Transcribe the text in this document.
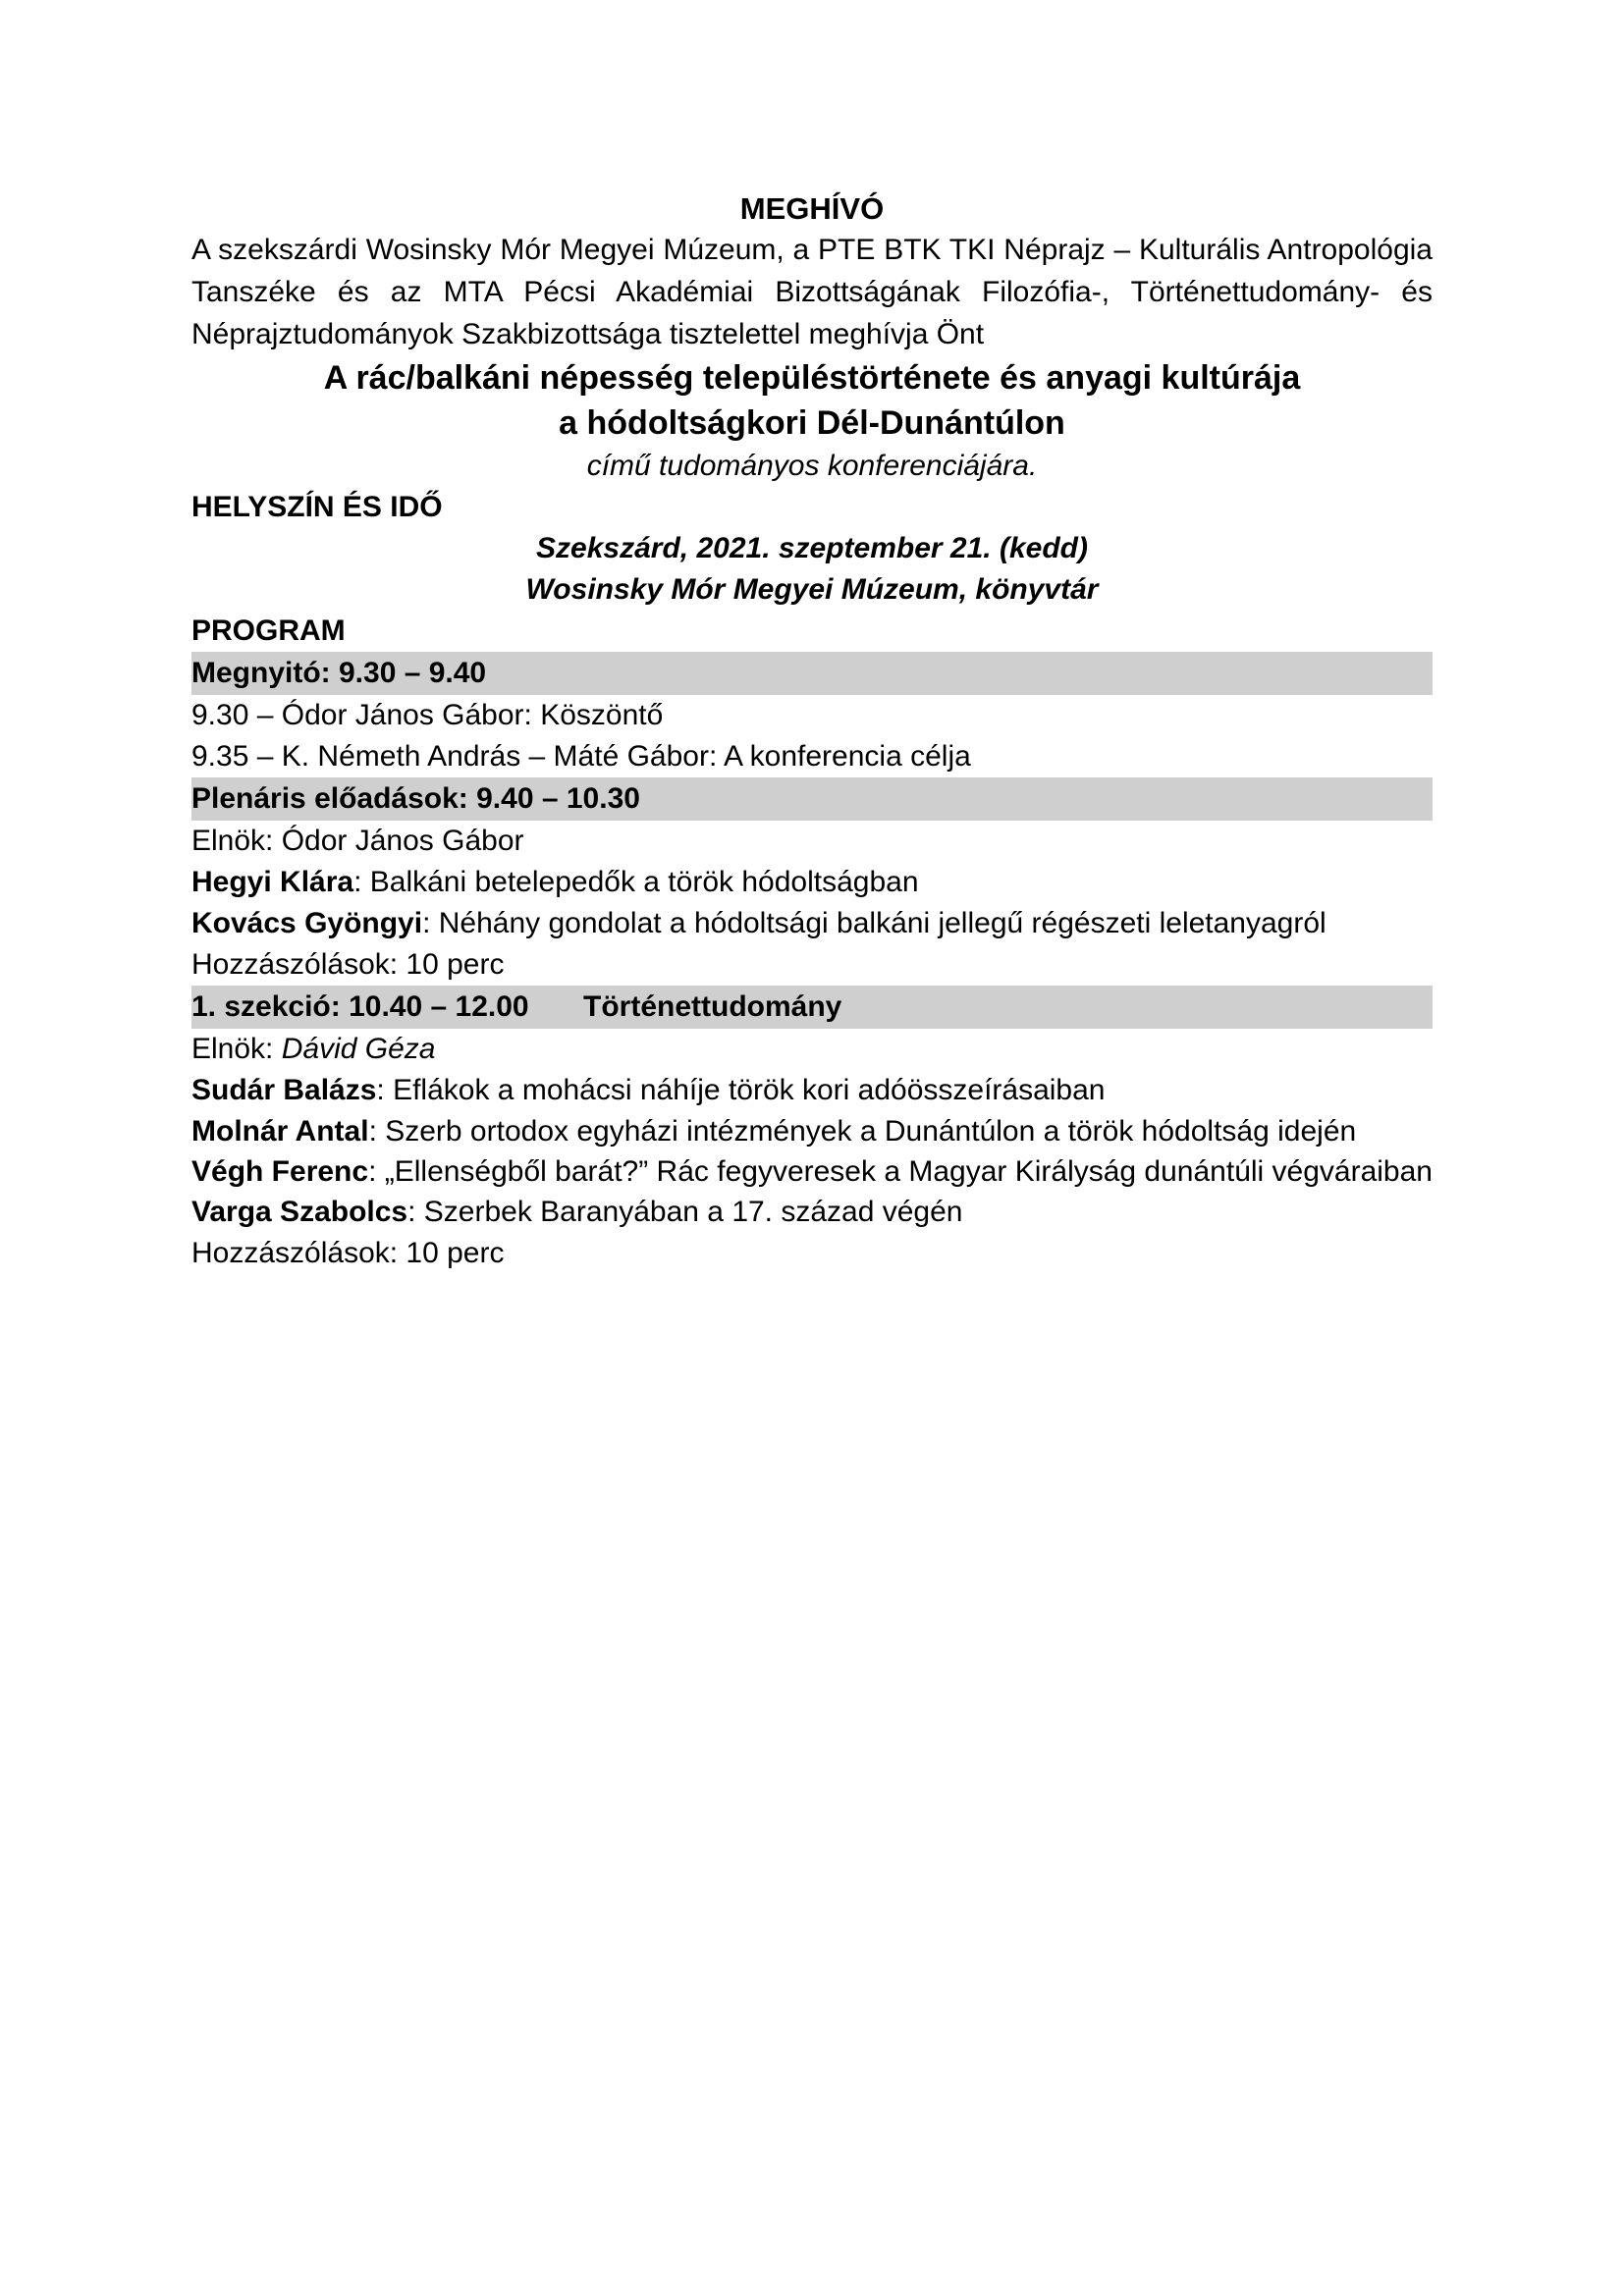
MEGHÍVÓ

A szekszárdi Wosinsky Mór Megyei Múzeum, a PTE BTK TKI Néprajz – Kulturális Antropológia Tanszéke és az MTA Pécsi Akadémiai Bizottságának Filozófia-, Történettudomány- és Néprajztudományok Szakbizottsága tisztelettel meghívja Önt

A rác/balkáni népesség településtörténete és anyagi kultúrája
a hódoltságkori Dél-Dunántúlon

című tudományos konferenciájára.

HELYSZÍN ÉS IDŐ

Szekszárd, 2021. szeptember 21. (kedd)

Wosinsky Mór Megyei Múzeum, könyvtár

PROGRAM

Megnyitó: 9.30 – 9.40

9.30 – Ódor János Gábor: Köszöntő

9.35 – K. Németh András – Máté Gábor: A konferencia célja

Plenáris előadások: 9.40 – 10.30

Elnök: Ódor János Gábor

Hegyi Klára: Balkáni betelepedők a török hódoltságban

Kovács Gyöngyi: Néhány gondolat a hódoltsági balkáni jellegű régészeti leletanyagról

Hozzászólások: 10 perc

1. szekció: 10.40 – 12.00 Történettudomány

Elnök: Dávid Géza

Sudár Balázs: Eflákok a mohácsi náhíje török kori adóösszeírásaiban

Molnár Antal: Szerb ortodox egyházi intézmények a Dunántúlon a török hódoltság idején

Végh Ferenc: „Ellenségből barát?” Rác fegyveresek a Magyar Királyság dunántúli végváraiban

Varga Szabolcs: Szerbek Baranyában a 17. század végén

Hozzászólások: 10 perc
